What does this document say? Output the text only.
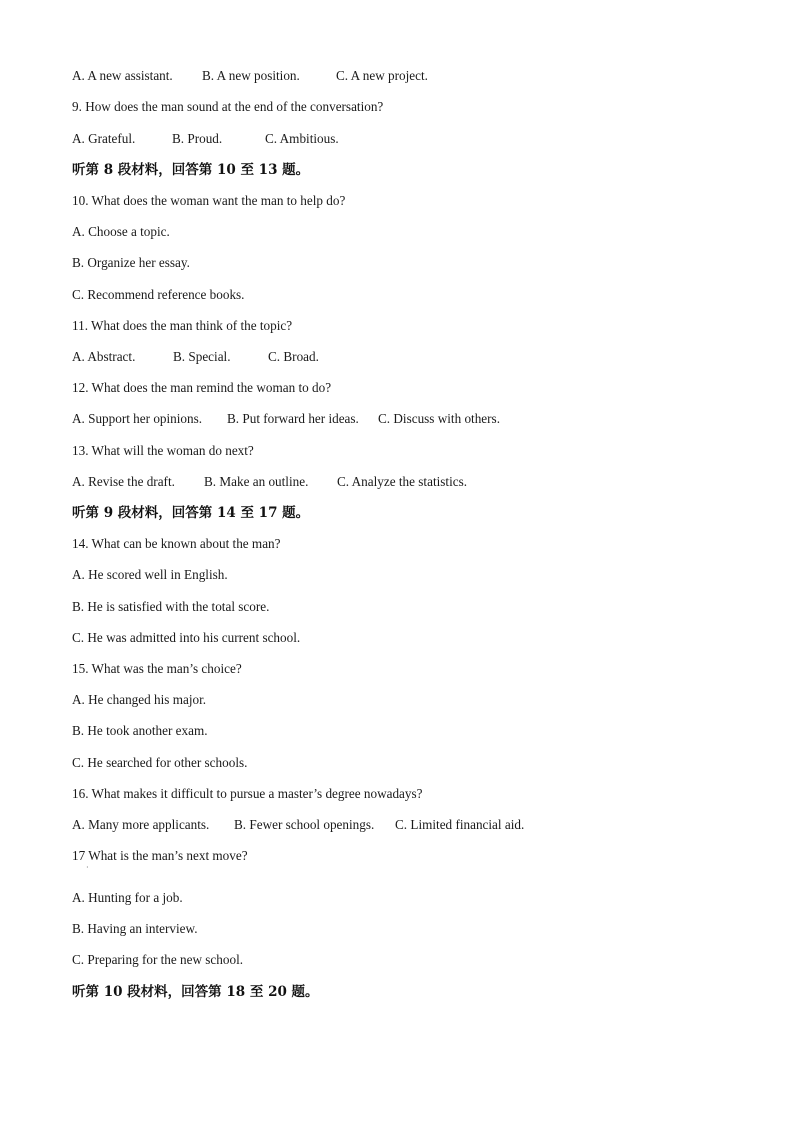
A. A new assistant. B. A new position.	C. A new project.
9. How does the man sound at the end of the conversation?
A. Grateful.	B. Proud.	C. Ambitious.
听第 8 段材料，回答第 10 至 13 题。
10. What does the woman want the man to help do?
A. Choose a topic.
B. Organize her essay.
C. Recommend reference books.
11. What does the man think of the topic?
A. Abstract.	B. Special.	C. Broad.
12. What does the man remind the woman to do?
A. Support her opinions. B. Put forward her ideas. C. Discuss with others.
13. What will the woman do next?
A. Revise the draft. B. Make an outline. C. Analyze the statistics.
听第 9 段材料，回答第 14 至 17 题。
14. What can be known about the man?
A. He scored well in English.
B. He is satisfied with the total score.
C. He was admitted into his current school.
15. What was the man’s choice?
A. He changed his major.
B. He took another exam.
C. He searched for other schools.
16. What makes it difficult to pursue a master’s degree nowadays?
A. Many more applicants. B. Fewer school openings. C. Limited financial aid.
17 What is the man’s next move?
·
A. Hunting for a job.
B. Having an interview.
C. Preparing for the new school.
听第 10 段材料，回答第 18 至 20 题。
